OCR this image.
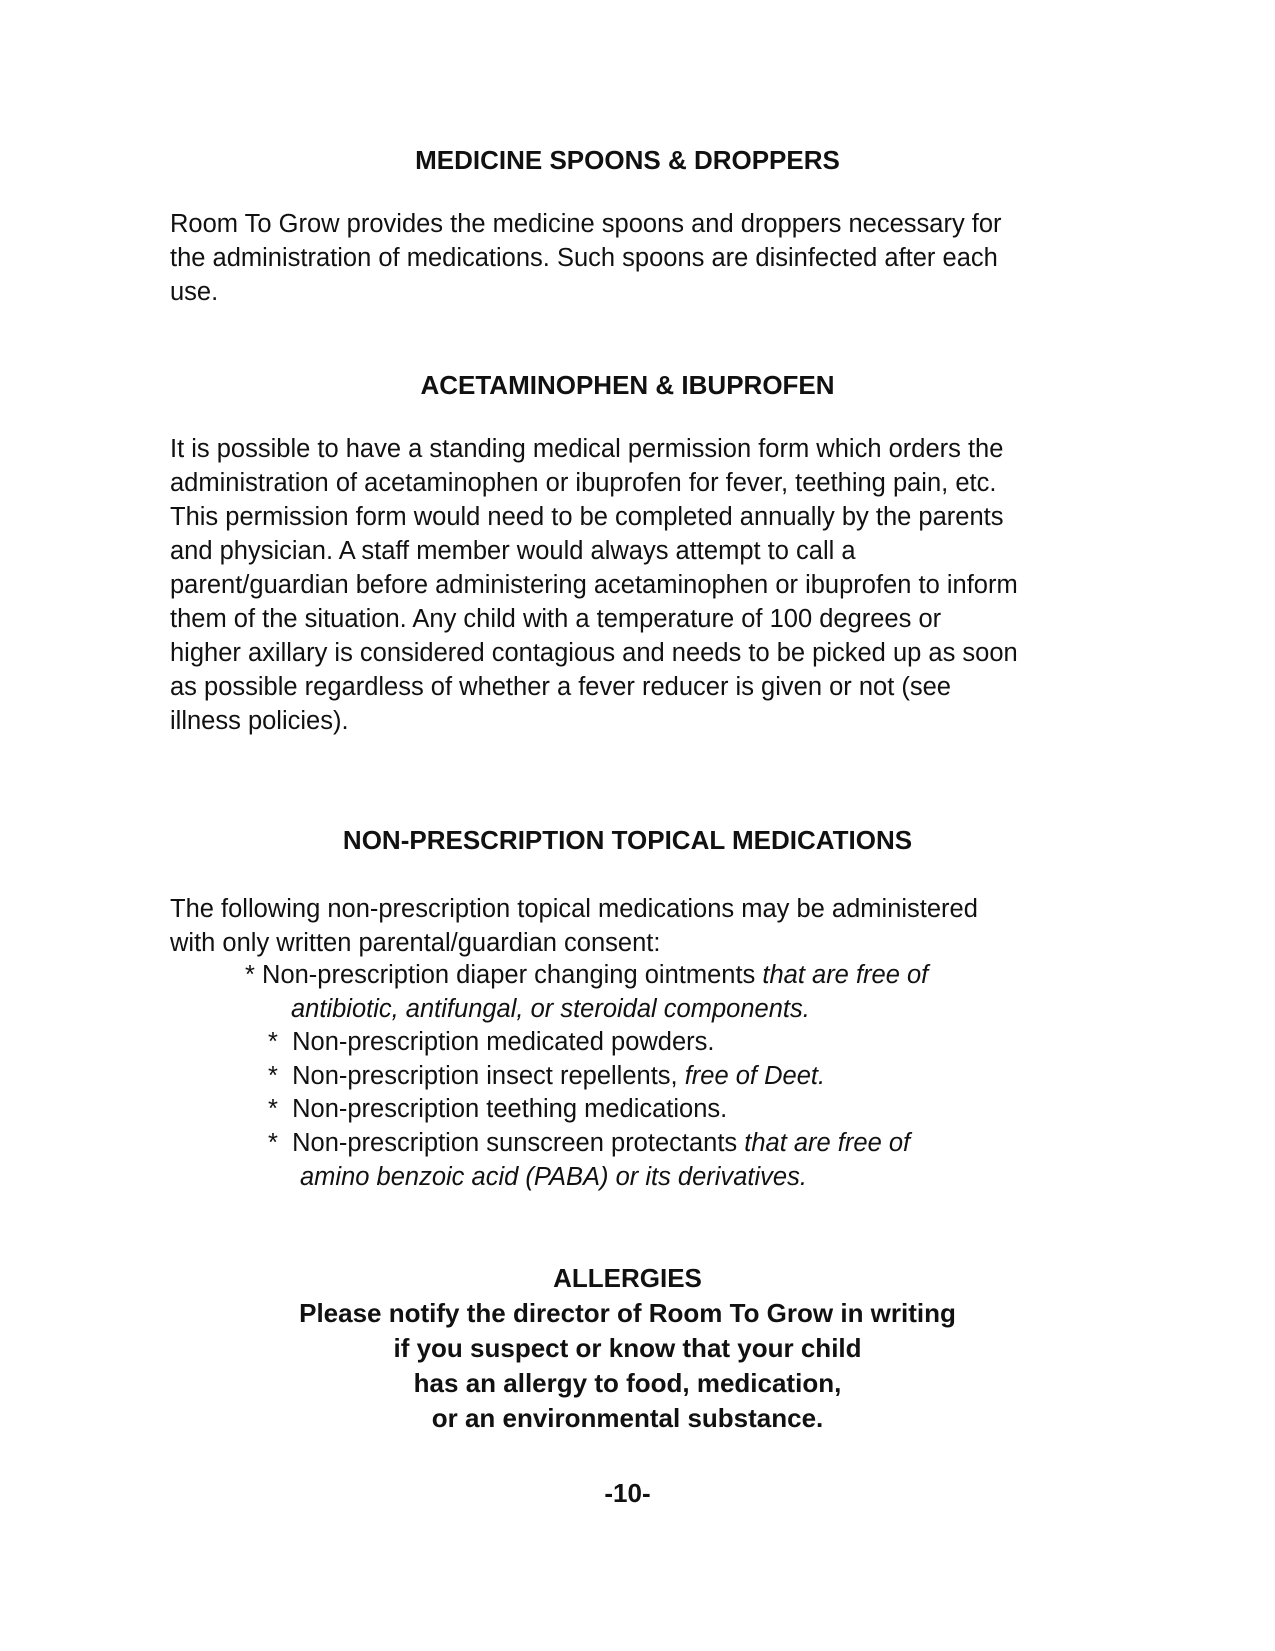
MEDICINE SPOONS & DROPPERS

Room To Grow provides the medicine spoons and droppers necessary for
the administration of medications. Such spoons are disinfected after each
use.

ACETAMINOPHEN & IBUPROFEN

It is possible to have a standing medical permission form which orders the
administration of acetaminophen or ibuprofen for fever, teething pain, etc.
This permission form would need to be completed annually by the parents
and physician. A staff member would always attempt to call a
parent/guardian before administering acetaminophen or ibuprofen to inform
them of the situation. Any child with a temperature of 100 degrees or
higher axillary is considered contagious and needs to be picked up as soon
as possible regardless of whether a fever reducer is given or not (see
illness policies).

NON-PRESCRIPTION TOPICAL MEDICATIONS

The following non-prescription topical medications may be administered
with only written parental/guardian consent:

* Non-prescription diaper changing ointments that are free of
antibiotic, antifungal, or steroidal components.
*  Non-prescription medicated powders.
*  Non-prescription insect repellents, free of Deet.
*  Non-prescription teething medications.
*  Non-prescription sunscreen protectants that are free of
amino benzoic acid (PABA) or its derivatives.
ALLERGIES
Please notify the director of Room To Grow in writing
if you suspect or know that your child
has an allergy to food, medication,
or an environmental substance.
-10-
